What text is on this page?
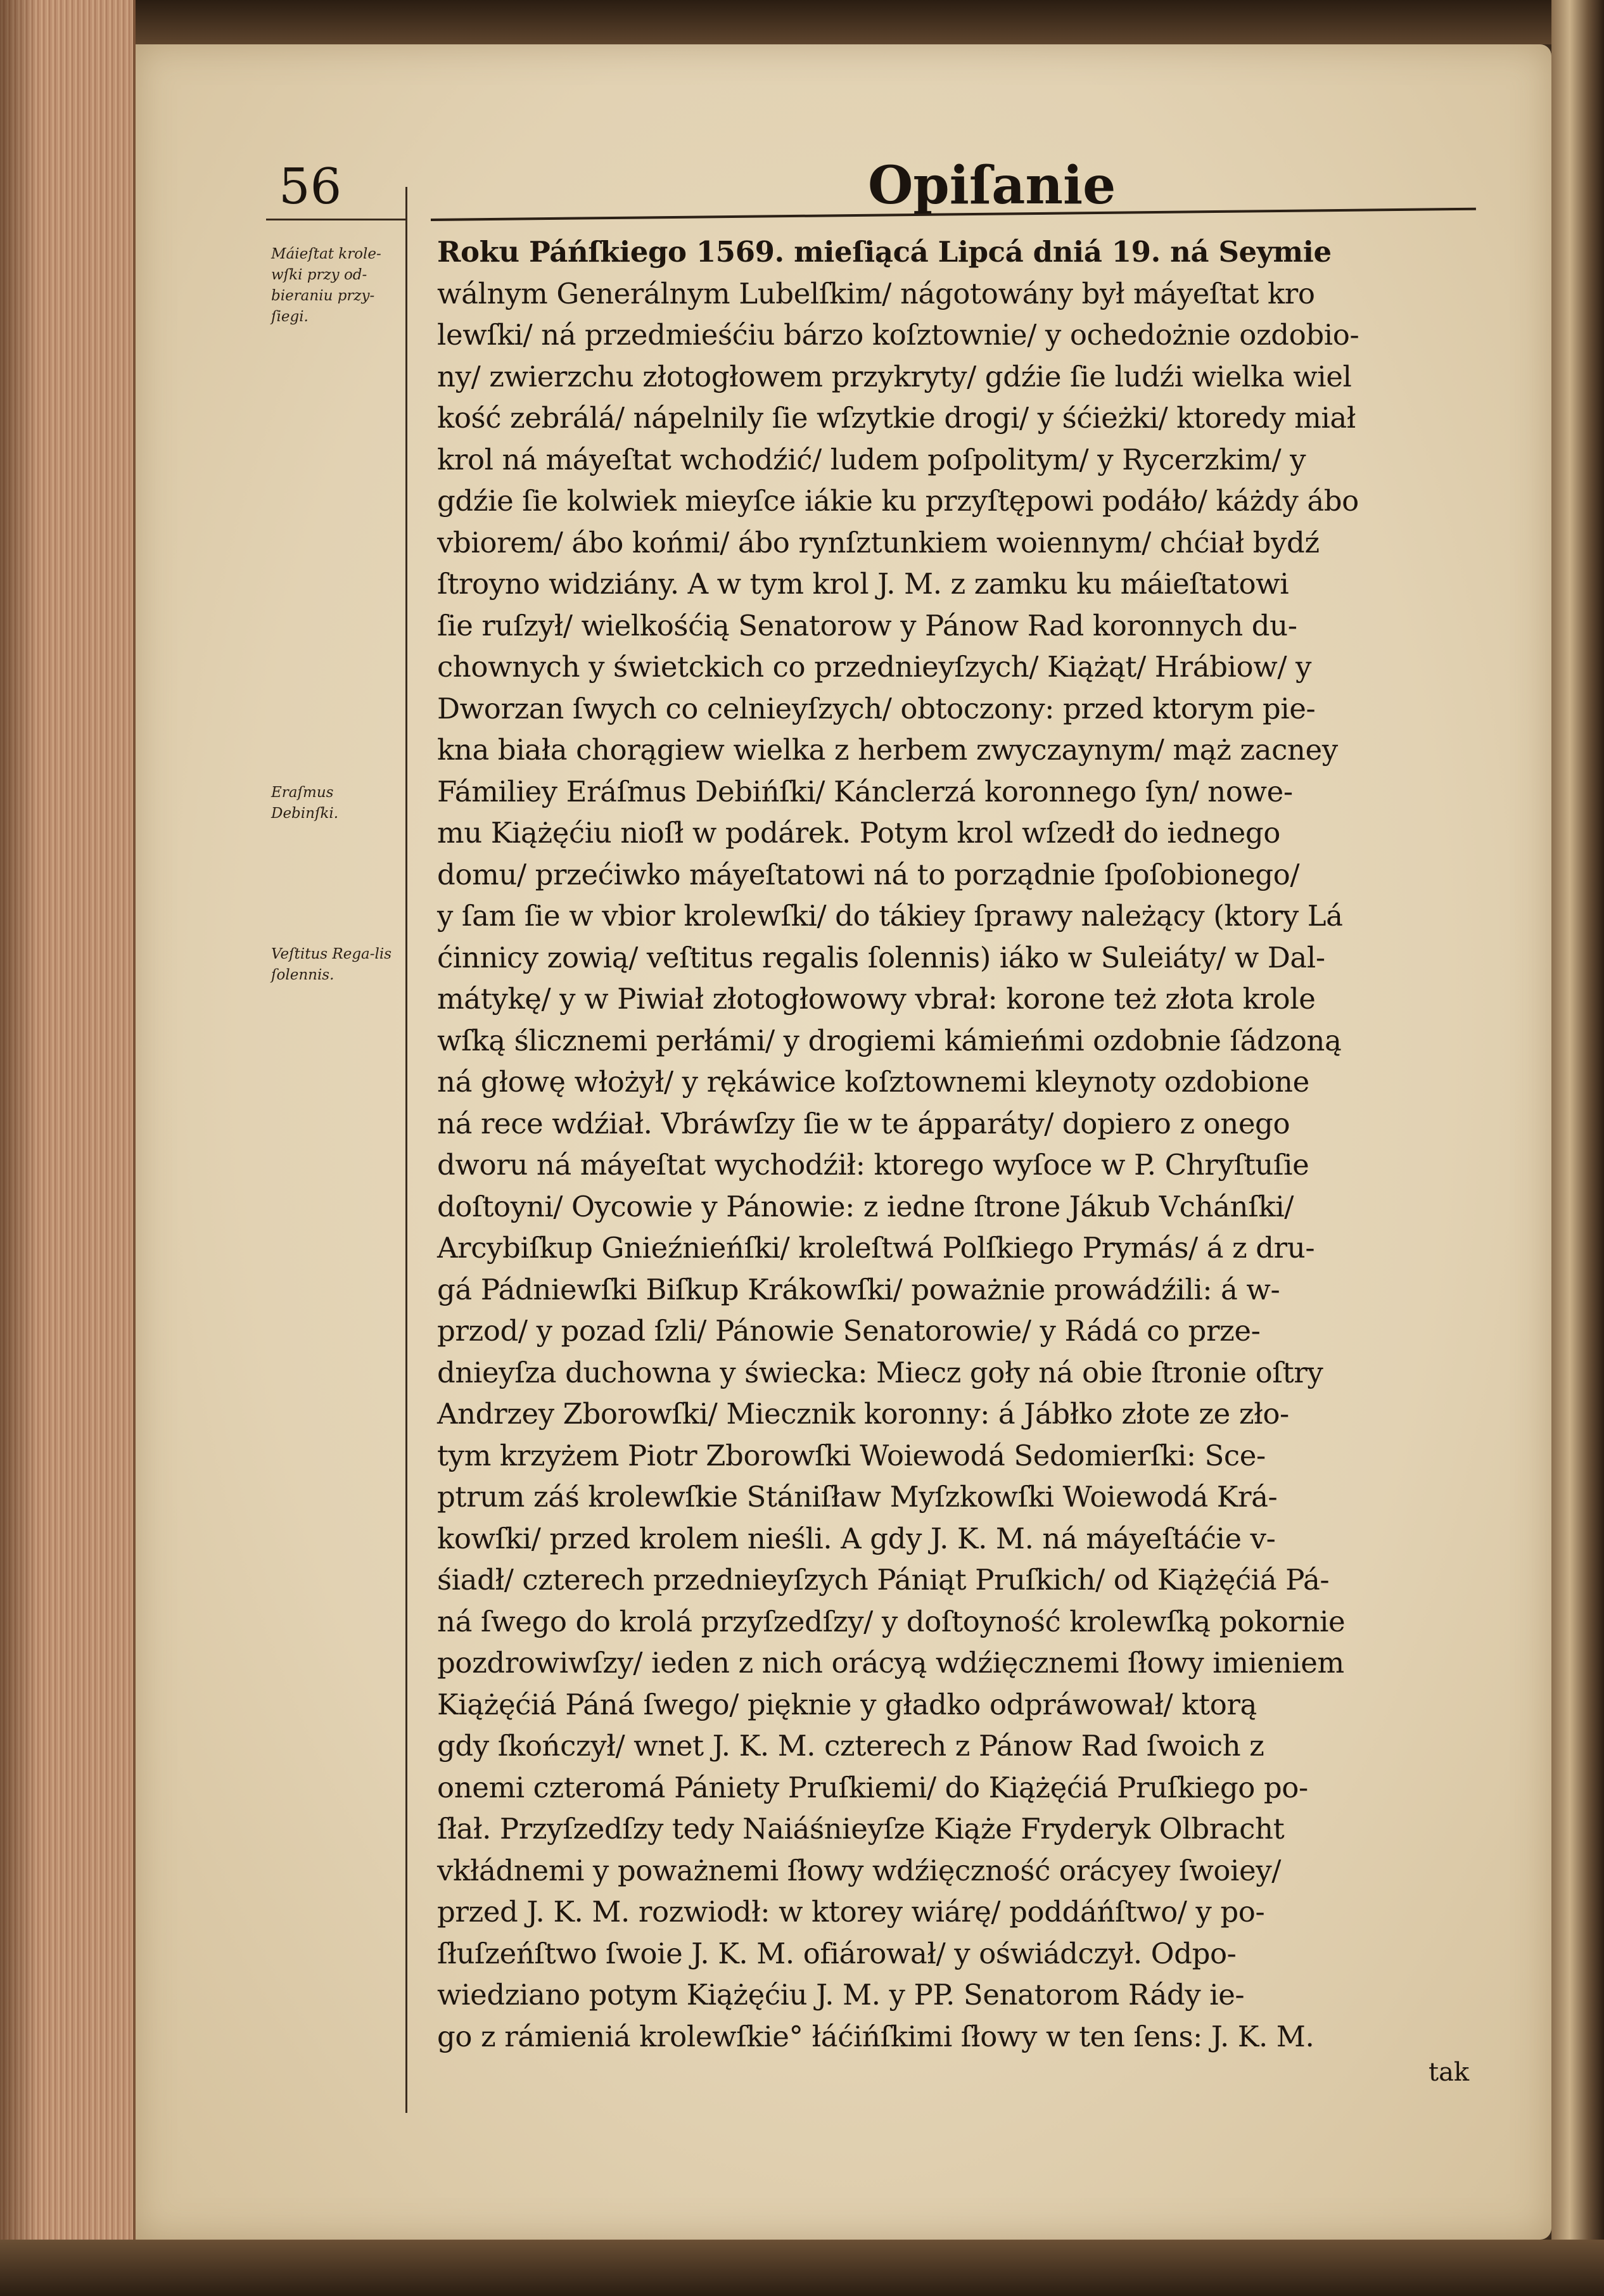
56	Opiſanie
Máieſtat krole-wſki przy od-bieraniu przy-ſiegi.
Eraſmus Debinſki.
Veſtitus Rega-lis ſolennis.
Roku Páńſkiego 1569. mieſiącá Lipcá dniá 19. ná Seymie
wálnym Generálnym Lubelſkim/ nágotowány był máyeſtat kro
lewſki/ ná przedmieśćiu bárzo koſztownie/ y ochedożnie ozdobio-
ny/ zwierzchu złotogłowem przykryty/ gdźie ſie ludźi wielka wiel
kość zebrálá/ nápelnily ſie wſzytkie drogi/ y śćieżki/ ktoredy miał
krol ná máyeſtat wchodźić/ ludem poſpolitym/ y Rycerzkim/ y
gdźie ſie kolwiek mieyſce iákie ku przyſtępowi podáło/ káżdy ábo
vbiorem/ ábo końmi/ ábo rynſztunkiem woiennym/ chćiał bydź
ſtroyno widziány. A w tym krol J. M. z zamku ku máieſtatowi
ſie ruſzył/ wielkośćią Senatorow y Pánow Rad koronnych du-
chownych y świetckich co przednieyſzych/ Kiążąt/ Hrábiow/ y
Dworzan ſwych co celnieyſzych/ obtoczony: przed ktorym pie-
kna biała chorągiew wielka z herbem zwyczaynym/ mąż zacney
Fámiliey Eráſmus Debińſki/ Kánclerzá koronnego ſyn/ nowe-
mu Kiążęćiu nioſł w podárek. Potym krol wſzedł do iednego
domu/ przećiwko máyeſtatowi ná to porządnie ſpoſobionego/
y ſam ſie w vbior krolewſki/ do tákiey ſprawy należący (ktory Lá
ćinnicy zowią/ veſtitus regalis ſolennis) iáko w Suleiáty/ w Dal-
mátykę/ y w Piwiał złotogłowowy vbrał: korone też złota krole
wſką ślicznemi perłámi/ y drogiemi kámieńmi ozdobnie ſádzoną
ná głowę włożył/ y rękáwice koſztownemi kleynoty ozdobione
ná rece wdźiał. Vbráwſzy ſie w te ápparáty/ dopiero z onego
dworu ná máyeſtat wychodźił: ktorego wyſoce w P. Chryſtuſie
doſtoyni/ Oycowie y Pánowie: z iedne ſtrone Jákub Vchánſki/
Arcybiſkup Gnieźnieńſki/ kroleſtwá Polſkiego Prymás/ á z dru-
gá Pádniewſki Biſkup Krákowſki/ poważnie prowádźili: á w-
przod/ y pozad ſzli/ Pánowie Senatorowie/ y Rádá co prze-
dnieyſza duchowna y świecka: Miecz goły ná obie ſtronie oſtry
Andrzey Zborowſki/ Miecznik koronny: á Jábłko złote ze zło-
tym krzyżem Piotr Zborowſki Woiewodá Sedomierſki: Sce-
ptrum záś krolewſkie Stániſław Myſzkowſki Woiewodá Krá-
kowſki/ przed krolem nieśli. A gdy J. K. M. ná máyeſtáćie v-
śiadł/ czterech przednieyſzych Pániąt Pruſkich/ od Kiążęćiá Pá-
ná ſwego do krolá przyſzedſzy/ y doſtoyność krolewſką pokornie
pozdrowiwſzy/ ieden z nich orácyą wdźięcznemi ſłowy imieniem
Kiążęćiá Páná ſwego/ pięknie y gładko odpráwował/ ktorą
gdy ſkończył/ wnet J. K. M. czterech z Pánow Rad ſwoich z
onemi czteromá Pániety Pruſkiemi/ do Kiążęćiá Pruſkiego po-
ſłał. Przyſzedſzy tedy Naiáśnieyſze Kiąże Fryderyk Olbracht
vkłádnemi y poważnemi ſłowy wdźięczność orácyey ſwoiey/
przed J. K. M. rozwiodł: w ktorey wiárę/ poddáńſtwo/ y po-
ſłuſzeńſtwo ſwoie J. K. M. ofiárował/ y oświádczył. Odpo-
wiedziano potym Kiążęćiu J. M. y PP. Senatorom Rády ie-
go z rámieniá krolewſkie° łáćińſkimi ſłowy w ten ſens: J. K. M.
tak
